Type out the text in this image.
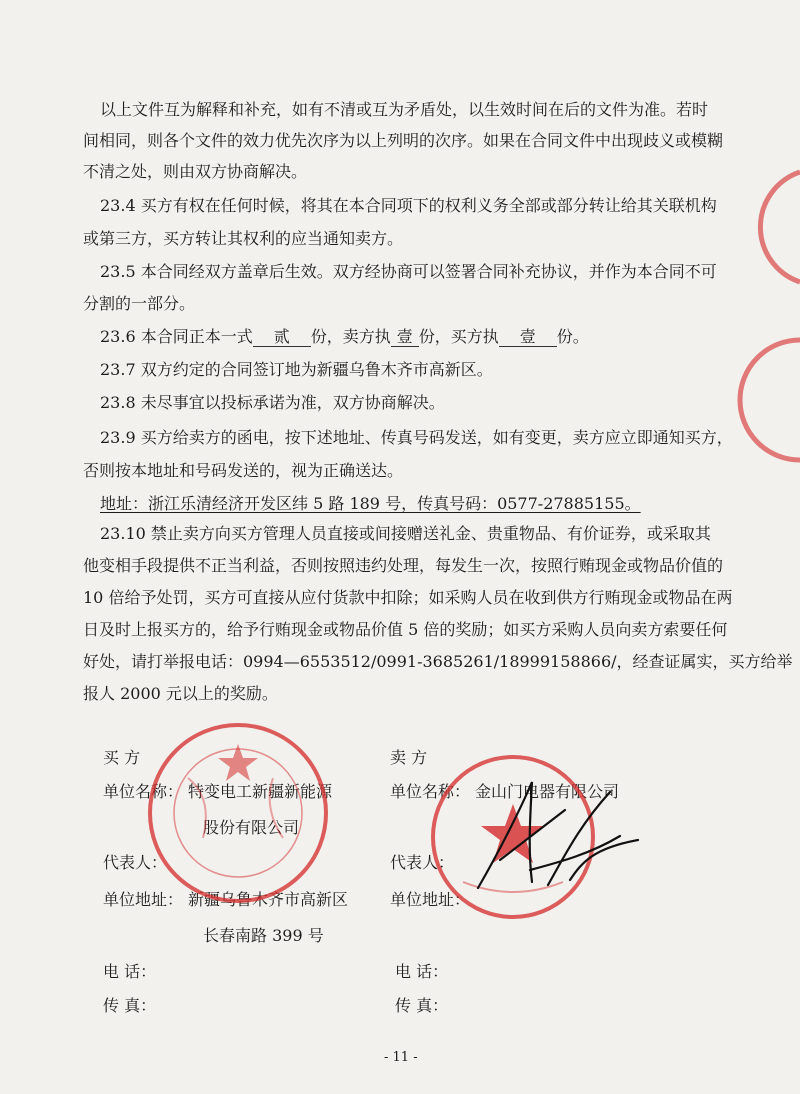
以上文件互为解释和补充，如有不清或互为矛盾处，以生效时间在后的文件为准。若时
间相同，则各个文件的效力优先次序为以上列明的次序。如果在合同文件中出现歧义或模糊
不清之处，则由双方协商解决。
23.4 买方有权在任何时候，将其在本合同项下的权利义务全部或部分转让给其关联机构
或第三方，买方转让其权利的应当通知卖方。
23.5 本合同经双方盖章后生效。双方经协商可以签署合同补充协议，并作为本合同不可
分割的一部分。
23.6 本合同正本一式 贰 份，卖方执 壹 份，买方执 壹 份。
23.7 双方约定的合同签订地为新疆乌鲁木齐市高新区。
23.8 未尽事宜以投标承诺为准，双方协商解决。
23.9 买方给卖方的函电，按下述地址、传真号码发送，如有变更，卖方应立即通知买方，
否则按本地址和号码发送的，视为正确送达。
地址：浙江乐清经济开发区纬 5 路 189 号，传真号码：0577-27885155。
23.10 禁止卖方向买方管理人员直接或间接赠送礼金、贵重物品、有价证券，或采取其
他变相手段提供不正当利益，否则按照违约处理，每发生一次，按照行贿现金或物品价值的
10 倍给予处罚，买方可直接从应付货款中扣除；如采购人员在收到供方行贿现金或物品在两
日及时上报买方的，给予行贿现金或物品价值 5 倍的奖励；如买方采购人员向卖方索要任何
好处，请打举报电话：0994—6553512/0991-3685261/18999158866/，经查证属实，买方给举
报人 2000 元以上的奖励。
买 方
单位名称： 特变电工新疆新能源
股份有限公司
代表人：
单位地址： 新疆乌鲁木齐市高新区
长春南路 399 号
电 话：
传 真：
卖 方
单位名称： 金山门电器有限公司
代表人：
单位地址：
电 话：
传 真：
- 11 -
